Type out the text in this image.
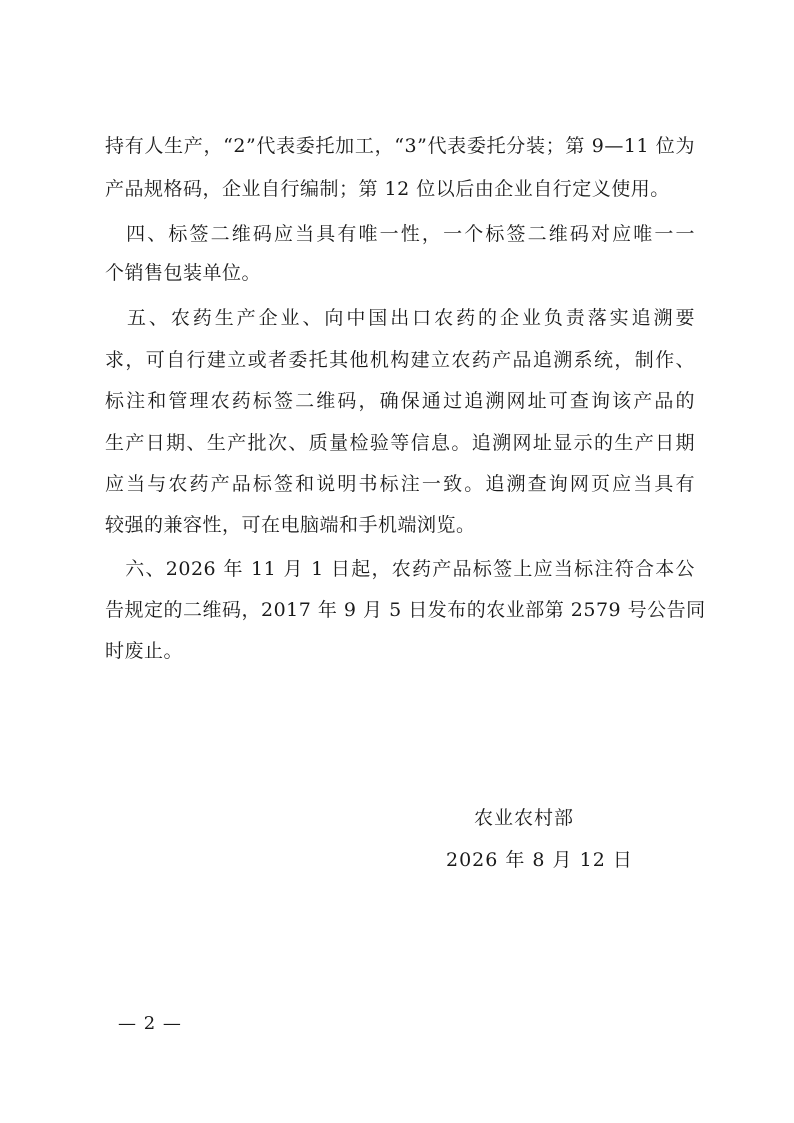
持有人生产，“2”代表委托加工，“3”代表委托分装；第 9—11 位为
产品规格码，企业自行编制；第 12 位以后由企业自行定义使用。
　四、标签二维码应当具有唯一性，一个标签二维码对应唯一一
个销售包装单位。
　五、农药生产企业、向中国出口农药的企业负责落实追溯要
求，可自行建立或者委托其他机构建立农药产品追溯系统，制作、
标注和管理农药标签二维码，确保通过追溯网址可查询该产品的
生产日期、生产批次、质量检验等信息。追溯网址显示的生产日期
应当与农药产品标签和说明书标注一致。追溯查询网页应当具有
较强的兼容性，可在电脑端和手机端浏览。
　六、2026 年 11 月 1 日起，农药产品标签上应当标注符合本公
告规定的二维码，2017 年 9 月 5 日发布的农业部第 2579 号公告同
时废止。
农业农村部
2026 年 8 月 12 日
— 2 —
